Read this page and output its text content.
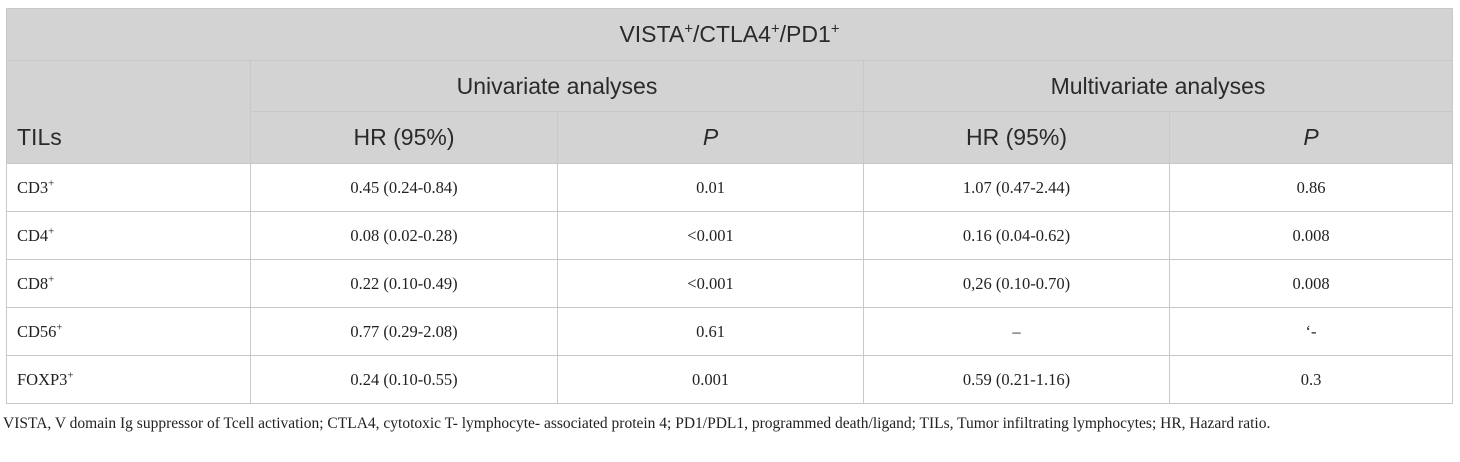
VISTA+/CTLA4+/PD1+
TILs	Univariate analyses		Multivariate analyses	
	HR (95%)	P	HR (95%)	P
CD3+	0.45 (0.24-0.84)	0.01	1.07 (0.47-2.44)	0.86
CD4+	0.08 (0.02-0.28)	<0.001	0.16 (0.04-0.62)	0.008
CD8+	0.22 (0.10-0.49)	<0.001	0,26 (0.10-0.70)	0.008
CD56+	0.77 (0.29-2.08)	0.61	–	‘-
FOXP3+	0.24 (0.10-0.55)	0.001	0.59 (0.21-1.16)	0.3
VISTA, V domain Ig suppressor of Tcell activation; CTLA4, cytotoxic T- lymphocyte- associated protein 4; PD1/PDL1, programmed death/ligand; TILs, Tumor infiltrating lymphocytes; HR, Hazard ratio.
